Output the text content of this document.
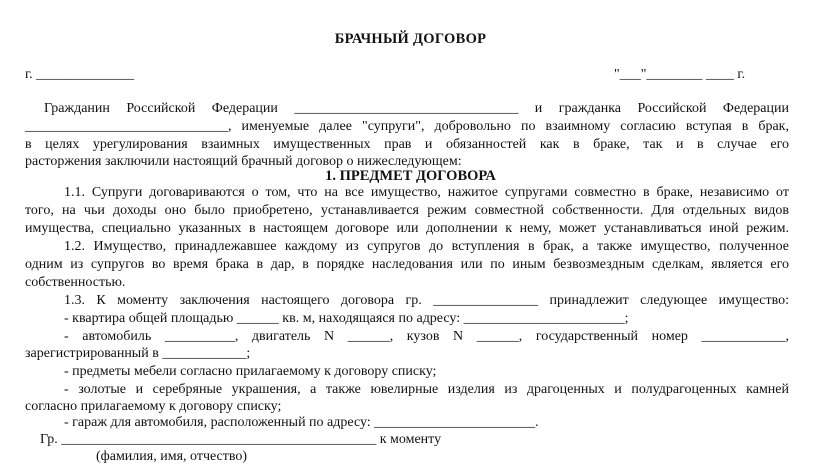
БРАЧНЫЙ ДОГОВОР
г. ______________	"___"________ ____ г.
Гражданин Российской Федерации ________________________________ и гражданка Российской Федерации
_____________________________, именуемые далее "супруги", добровольно по взаимному согласию вступая в брак,
в целях урегулирования взаимных имущественных прав и обязанностей как в браке, так и в случае его
расторжения заключили настоящий брачный договор о нижеследующем:
1. ПРЕДМЕТ ДОГОВОРА
1.1. Супруги договариваются о том, что на все имущество, нажитое супругами совместно в браке, независимо от
того, на чьи доходы оно было приобретено, устанавливается режим совместной собственности. Для отдельных видов
имущества, специально указанных в настоящем договоре или дополнении к нему, может устанавливаться иной режим.
1.2. Имущество, принадлежавшее каждому из супругов до вступления в брак, а также имущество, полученное
одним из супругов во время брака в дар, в порядке наследования или по иным безвозмездным сделкам, является его
собственностью.
1.3. К моменту заключения настоящего договора гр. _______________ принадлежит следующее имущество:
- квартира общей площадью ______ кв. м, находящаяся по адресу: _______________________;
- автомобиль __________, двигатель N ______, кузов N ______, государственный номер ____________,
зарегистрированный в ____________;
- предметы мебели согласно прилагаемому к договору списку;
- золотые и серебряные украшения, а также ювелирные изделия из драгоценных и полудрагоценных камней
согласно прилагаемому к договору списку;
- гараж для автомобиля, расположенный по адресу: _______________________.
Гр. _____________________________________________ к моменту
(фамилия, имя, отчество)
